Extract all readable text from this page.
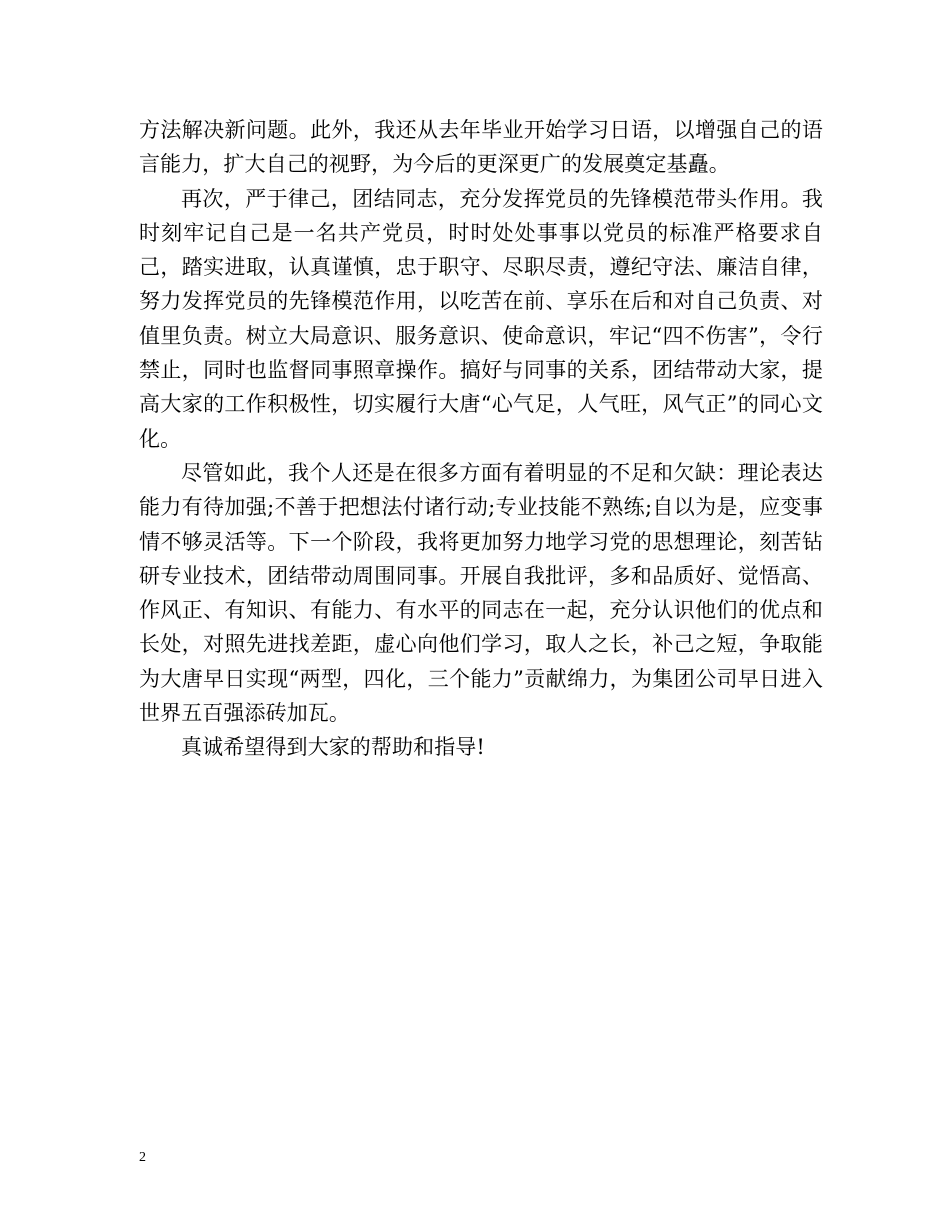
方法解决新问题。此外，我还从去年毕业开始学习日语，以增强自己的语言能力，扩大自己的视野，为今后的更深更广的发展奠定基矗。

再次，严于律己，团结同志，充分发挥党员的先锋模范带头作用。我时刻牢记自己是一名共产党员，时时处处事事以党员的标准严格要求自己，踏实进取，认真谨慎，忠于职守、尽职尽责，遵纪守法、廉洁自律，努力发挥党员的先锋模范作用，以吃苦在前、享乐在后和对自己负责、对值里负责。树立大局意识、服务意识、使命意识，牢记“四不伤害”，令行禁止，同时也监督同事照章操作。搞好与同事的关系，团结带动大家，提高大家的工作积极性，切实履行大唐“心气足，人气旺，风气正”的同心文化。

尽管如此，我个人还是在很多方面有着明显的不足和欠缺：理论表达能力有待加强;不善于把想法付诸行动;专业技能不熟练;自以为是，应变事情不够灵活等。下一个阶段，我将更加努力地学习党的思想理论，刻苦钻研专业技术，团结带动周围同事。开展自我批评，多和品质好、觉悟高、作风正、有知识、有能力、有水平的同志在一起，充分认识他们的优点和长处，对照先进找差距，虚心向他们学习，取人之长，补己之短，争取能为大唐早日实现“两型，四化，三个能力”贡献绵力，为集团公司早日进入世界五百强添砖加瓦。

真诚希望得到大家的帮助和指导!

2
